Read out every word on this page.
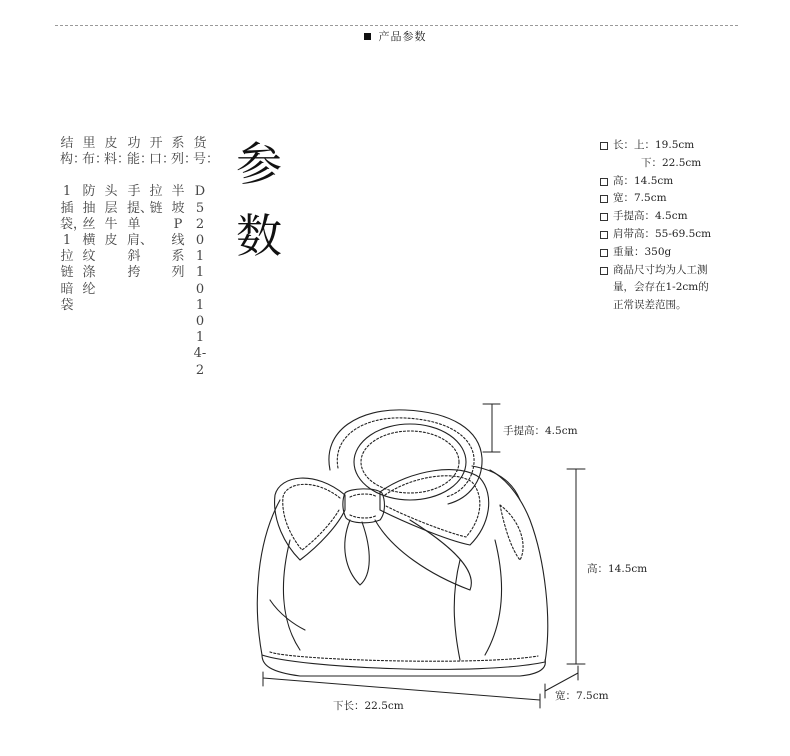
产品参数
货号：
D5201101014-2
系列：
半坡P线系列
开口：
拉链
功能：
手提、单肩、斜挎
皮料：
头层牛皮
里布：
防抽丝横纹涤纶
结构：
1插袋，1拉链暗袋
参
数
长：上：19.5cm
下：22.5cm
高：14.5cm
宽：7.5cm
手提高：4.5cm
肩带高：55-69.5cm
重量：350g
商品尺寸均为人工测
量，会存在1-2cm的
正常误差范围。
手提高：4.5cm
高：14.5cm
下长：22.5cm
宽：7.5cm
